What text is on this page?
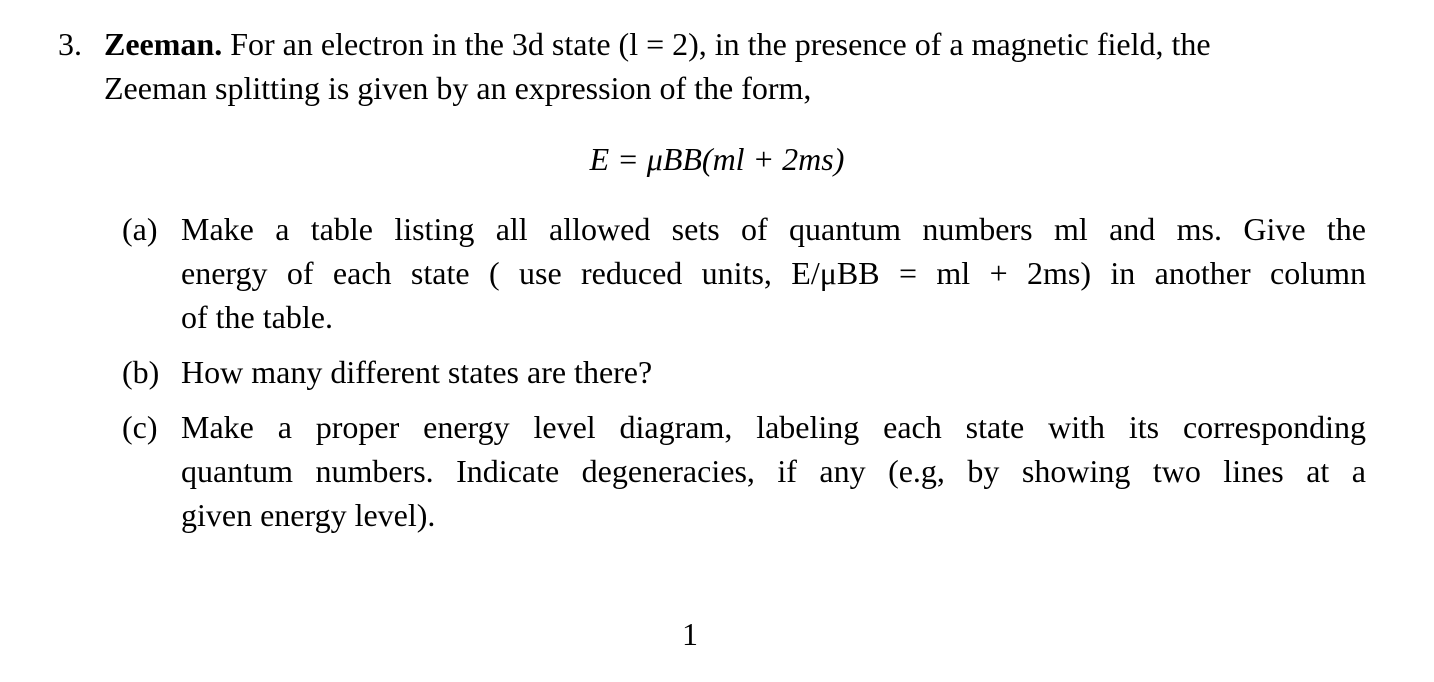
3. Zeeman. For an electron in the 3d state (l = 2), in the presence of a magnetic field, the
Zeeman splitting is given by an expression of the form,
E = μBB(ml + 2ms)
(a) Make a table listing all allowed sets of quantum numbers ml and ms. Give the
energy of each state ( use reduced units, E/μBB = ml + 2ms) in another column
of the table.
(b) How many different states are there?
(c) Make a proper energy level diagram, labeling each state with its corresponding
quantum numbers. Indicate degeneracies, if any (e.g, by showing two lines at a
given energy level).
1
